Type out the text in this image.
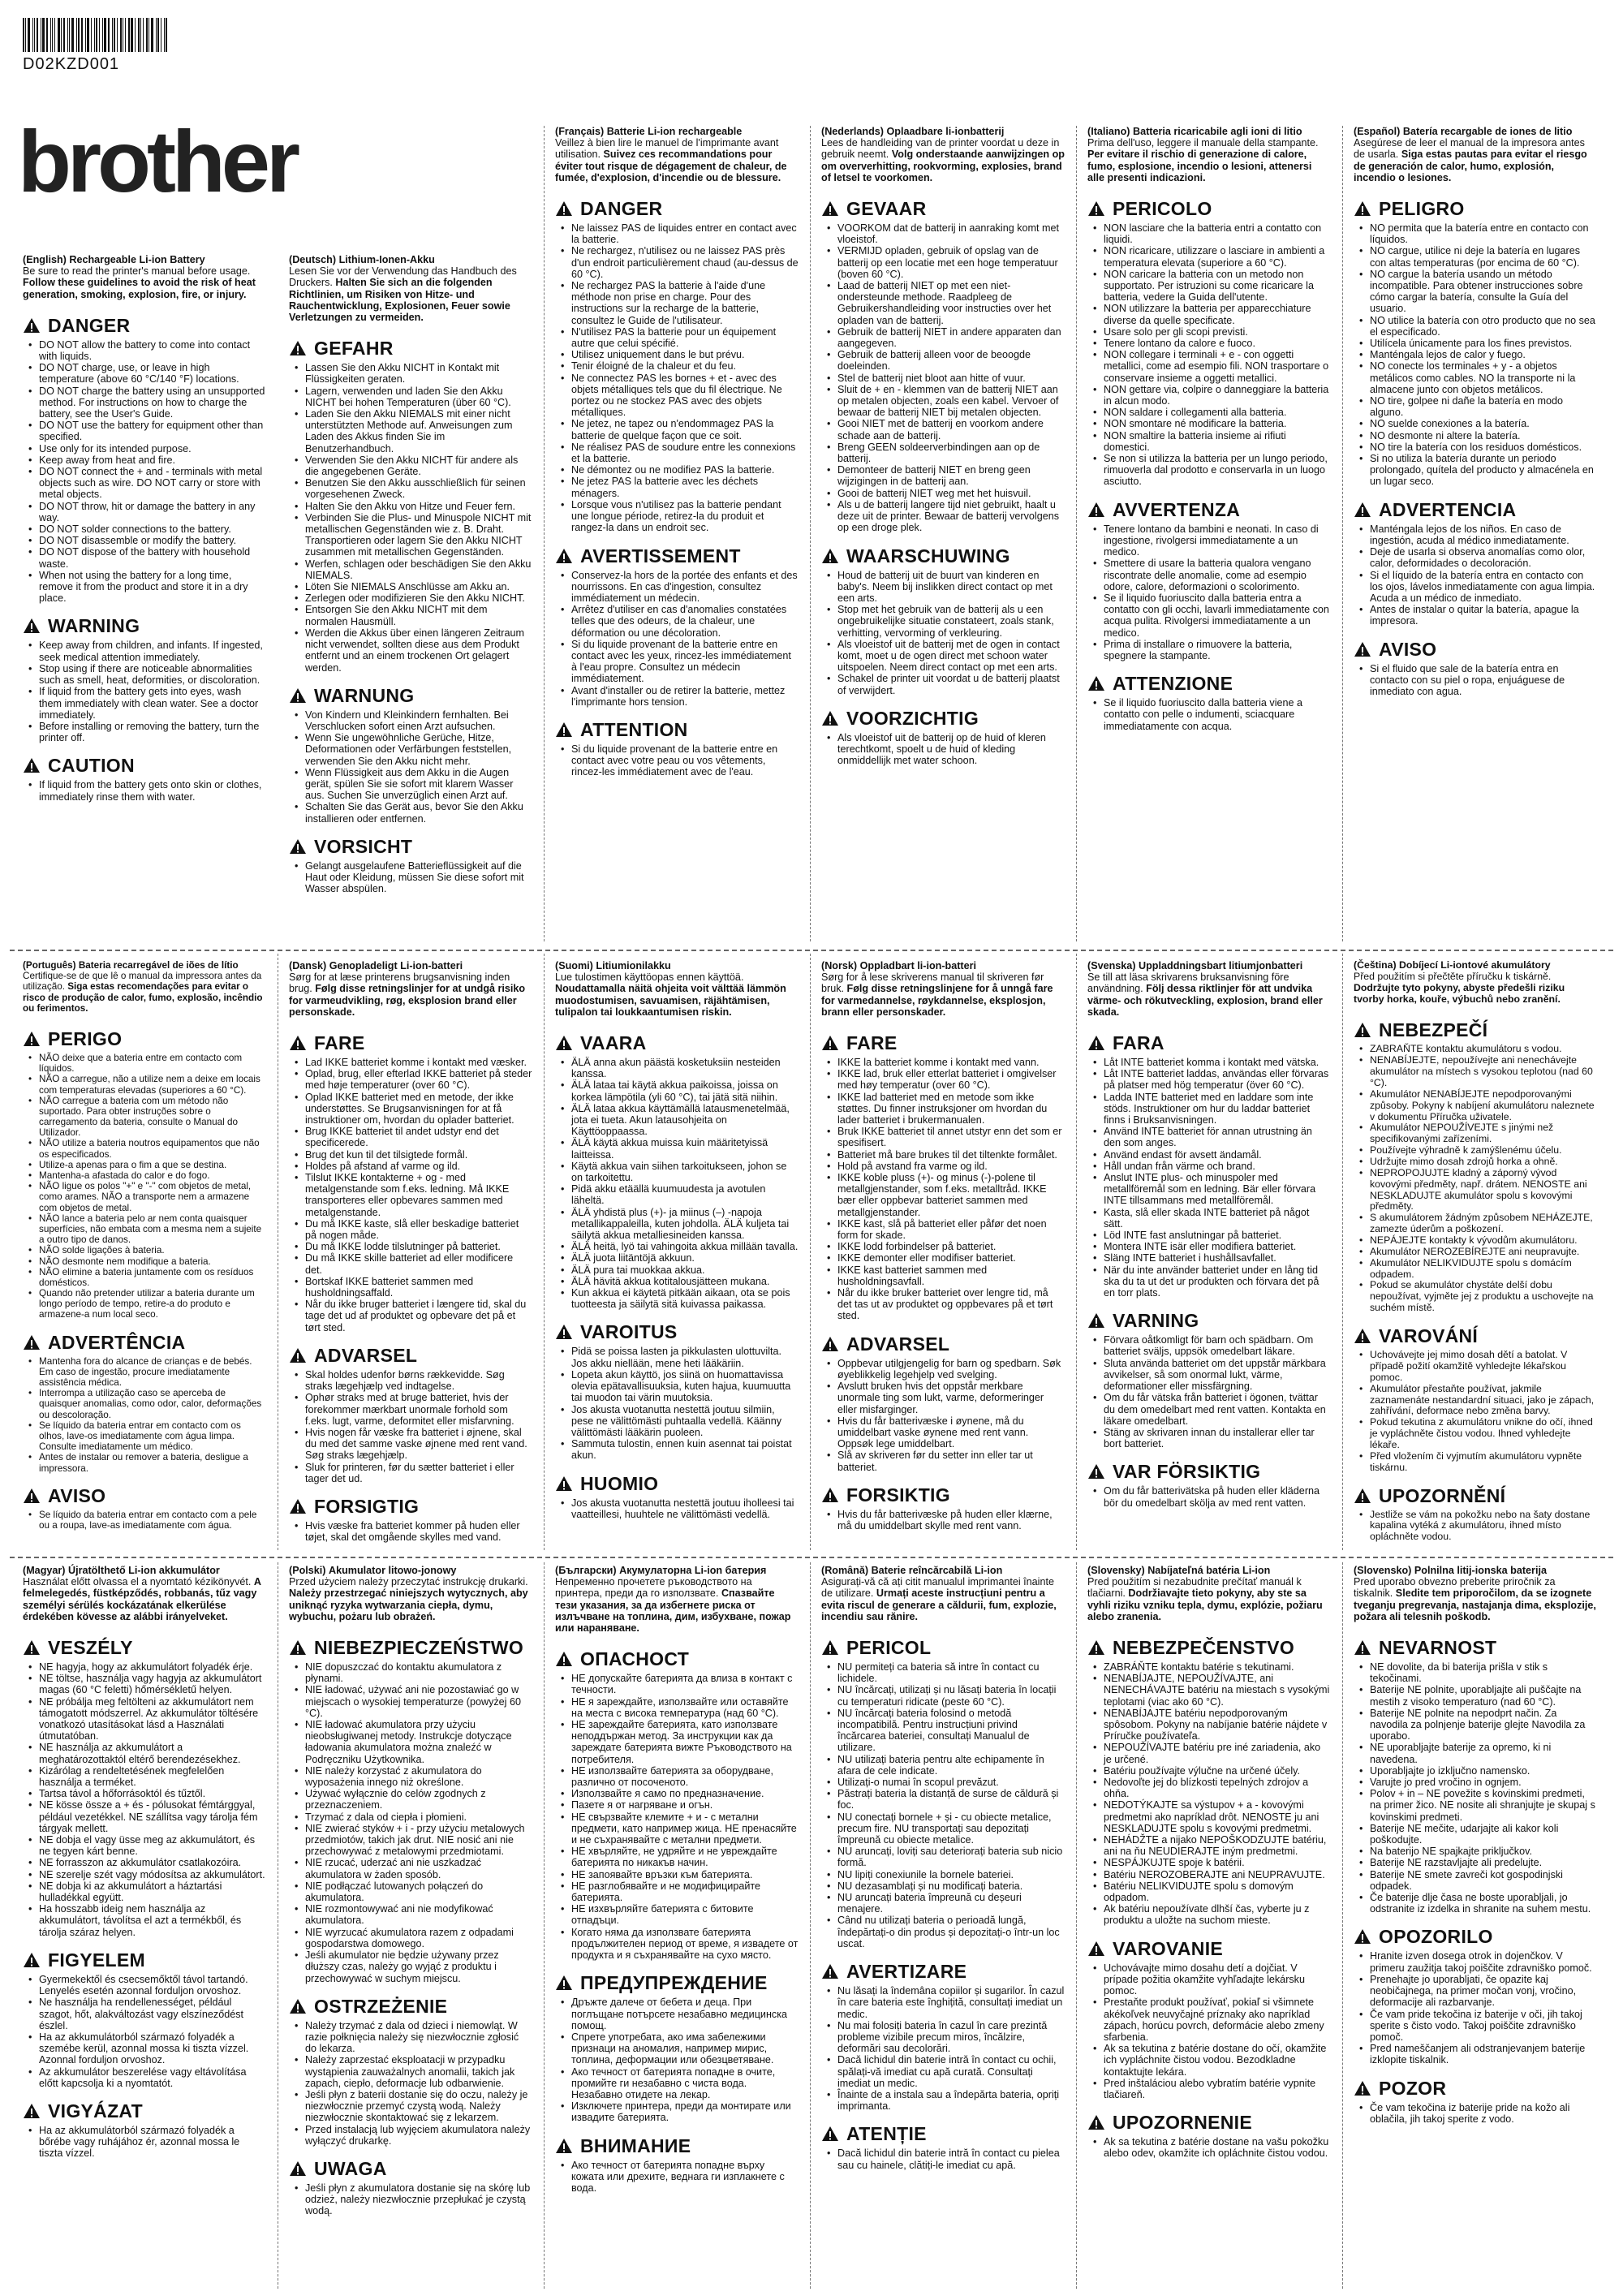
D02KZD001
brother

(English) Rechargeable Li-ion Battery
Be sure to read the printer's manual before usage. Follow these guidelines to avoid the risk of heat generation, smoking, explosion, fire, or injury.

DANGER
• DO NOT allow the battery to come into contact with liquids.
• DO NOT charge, use, or leave in high temperature (above 60 °C/140 °F) locations.
• DO NOT charge the battery using an unsupported method. For instructions on how to charge the battery, see the User's Guide.
• DO NOT use the battery for equipment other than specified.
• Use only for its intended purpose.
• Keep away from heat and fire.
• DO NOT connect the + and - terminals with metal objects such as wire. DO NOT carry or store with metal objects.
• DO NOT throw, hit or damage the battery in any way.
• DO NOT solder connections to the battery.
• DO NOT disassemble or modify the battery.
• DO NOT dispose of the battery with household waste.
• When not using the battery for a long time, remove it from the product and store it in a dry place.
WARNING
• Keep away from children, and infants. If ingested, seek medical attention immediately.
• Stop using if there are noticeable abnormalities such as smell, heat, deformities, or discoloration.
• If liquid from the battery gets into eyes, wash them immediately with clean water. See a doctor immediately.
• Before installing or removing the battery, turn the printer off.
CAUTION
• If liquid from the battery gets onto skin or clothes, immediately rinse them with water.

(Deutsch) Lithium-Ionen-Akku
Lesen Sie vor der Verwendung das Handbuch des Druckers. Halten Sie sich an die folgenden Richtlinien, um Risiken von Hitze- und Rauchentwicklung, Explosionen, Feuer sowie Verletzungen zu vermeiden.

GEFAHR
• Lassen Sie den Akku NICHT in Kontakt mit Flüssigkeiten geraten.
• Lagern, verwenden und laden Sie den Akku NICHT bei hohen Temperaturen (über 60 °C).
• Laden Sie den Akku NIEMALS mit einer nicht unterstützten Methode auf. Anweisungen zum Laden des Akkus finden Sie im Benutzerhandbuch.
• Verwenden Sie den Akku NICHT für andere als die angegebenen Geräte.
• Benutzen Sie den Akku ausschließlich für seinen vorgesehenen Zweck.
• Halten Sie den Akku von Hitze und Feuer fern.
• Verbinden Sie die Plus- und Minuspole NICHT mit metallischen Gegenständen wie z. B. Draht. Transportieren oder lagern Sie den Akku NICHT zusammen mit metallischen Gegenständen.
• Werfen, schlagen oder beschädigen Sie den Akku NIEMALS.
• Löten Sie NIEMALS Anschlüsse am Akku an.
• Zerlegen oder modifizieren Sie den Akku NICHT.
• Entsorgen Sie den Akku NICHT mit dem normalen Hausmüll.
• Werden die Akkus über einen längeren Zeitraum nicht verwendet, sollten diese aus dem Produkt entfernt und an einem trockenen Ort gelagert werden.
WARNUNG
• Von Kindern und Kleinkindern fernhalten. Bei Verschlucken sofort einen Arzt aufsuchen.
• Wenn Sie ungewöhnliche Gerüche, Hitze, Deformationen oder Verfärbungen feststellen, verwenden Sie den Akku nicht mehr.
• Wenn Flüssigkeit aus dem Akku in die Augen gerät, spülen Sie sie sofort mit klarem Wasser aus. Suchen Sie unverzüglich einen Arzt auf.
• Schalten Sie das Gerät aus, bevor Sie den Akku installieren oder entfernen.
VORSICHT
• Gelangt ausgelaufene Batterieflüssigkeit auf die Haut oder Kleidung, müssen Sie diese sofort mit Wasser abspülen.

(Français) Batterie Li-ion rechargeable
Veillez à bien lire le manuel de l'imprimante avant utilisation. Suivez ces recommandations pour éviter tout risque de dégagement de chaleur, de fumée, d'explosion, d'incendie ou de blessure.

DANGER
• Ne laissez PAS de liquides entrer en contact avec la batterie.
• Ne rechargez, n'utilisez ou ne laissez PAS près d'un endroit particulièrement chaud (au-dessus de 60 °C).
• Ne rechargez PAS la batterie à l'aide d'une méthode non prise en charge. Pour des instructions sur la recharge de la batterie, consultez le Guide de l'utilisateur.
• N'utilisez PAS la batterie pour un équipement autre que celui spécifié.
• Utilisez uniquement dans le but prévu.
• Tenir éloigné de la chaleur et du feu.
• Ne connectez PAS les bornes + et - avec des objets métalliques tels que du fil électrique. Ne portez ou ne stockez PAS avec des objets métalliques.
• Ne jetez, ne tapez ou n'endommagez PAS la batterie de quelque façon que ce soit.
• Ne réalisez PAS de soudure entre les connexions et la batterie.
• Ne démontez ou ne modifiez PAS la batterie.
• Ne jetez PAS la batterie avec les déchets ménagers.
• Lorsque vous n'utilisez pas la batterie pendant une longue période, retirez-la du produit et rangez-la dans un endroit sec.
AVERTISSEMENT
• Conservez-la hors de la portée des enfants et des nourrissons. En cas d'ingestion, consultez immédiatement un médecin.
• Arrêtez d'utiliser en cas d'anomalies constatées telles que des odeurs, de la chaleur, une déformation ou une décoloration.
• Si du liquide provenant de la batterie entre en contact avec les yeux, rincez-les immédiatement à l'eau propre. Consultez un médecin immédiatement.
• Avant d'installer ou de retirer la batterie, mettez l'imprimante hors tension.
ATTENTION
• Si du liquide provenant de la batterie entre en contact avec votre peau ou vos vêtements, rincez-les immédiatement avec de l'eau.

(Nederlands) Oplaadbare li-ionbatterij
Lees de handleiding van de printer voordat u deze in gebruik neemt. Volg onderstaande aanwijzingen op om oververhitting, rookvorming, explosies, brand of letsel te voorkomen.

GEVAAR
• VOORKOM dat de batterij in aanraking komt met vloeistof.
• VERMIJD opladen, gebruik of opslag van de batterij op een locatie met een hoge temperatuur (boven 60 °C).
• Laad de batterij NIET op met een niet-ondersteunde methode. Raadpleeg de Gebruikershandleiding voor instructies over het opladen van de batterij.
• Gebruik de batterij NIET in andere apparaten dan aangegeven.
• Gebruik de batterij alleen voor de beoogde doeleinden.
• Stel de batterij niet bloot aan hitte of vuur.
• Sluit de + en - klemmen van de batterij NIET aan op metalen objecten, zoals een kabel. Vervoer of bewaar de batterij NIET bij metalen objecten.
• Gooi NIET met de batterij en voorkom andere schade aan de batterij.
• Breng GEEN soldeerverbindingen aan op de batterij.
• Demonteer de batterij NIET en breng geen wijzigingen in de batterij aan.
• Gooi de batterij NIET weg met het huisvuil.
• Als u de batterij langere tijd niet gebruikt, haalt u deze uit de printer. Bewaar de batterij vervolgens op een droge plek.
WAARSCHUWING
• Houd de batterij uit de buurt van kinderen en baby's. Neem bij inslikken direct contact op met een arts.
• Stop met het gebruik van de batterij als u een ongebruikelijke situatie constateert, zoals stank, verhitting, vervorming of verkleuring.
• Als vloeistof uit de batterij met de ogen in contact komt, moet u de ogen direct met schoon water uitspoelen. Neem direct contact op met een arts.
• Schakel de printer uit voordat u de batterij plaatst of verwijdert.
VOORZICHTIG
• Als vloeistof uit de batterij op de huid of kleren terechtkomt, spoelt u de huid of kleding onmiddellijk met water schoon.

(Italiano) Batteria ricaricabile agli ioni di litio
Prima dell'uso, leggere il manuale della stampante. Per evitare il rischio di generazione di calore, fumo, esplosione, incendio o lesioni, attenersi alle presenti indicazioni.

PERICOLO
• NON lasciare che la batteria entri a contatto con liquidi.
• NON ricaricare, utilizzare o lasciare in ambienti a temperatura elevata (superiore a 60 °C).
• NON caricare la batteria con un metodo non supportato. Per istruzioni su come ricaricare la batteria, vedere la Guida dell'utente.
• NON utilizzare la batteria per apparecchiature diverse da quelle specificate.
• Usare solo per gli scopi previsti.
• Tenere lontano da calore e fuoco.
• NON collegare i terminali + e - con oggetti metallici, come ad esempio fili. NON trasportare o conservare insieme a oggetti metallici.
• NON gettare via, colpire o danneggiare la batteria in alcun modo.
• NON saldare i collegamenti alla batteria.
• NON smontare né modificare la batteria.
• NON smaltire la batteria insieme ai rifiuti domestici.
• Se non si utilizza la batteria per un lungo periodo, rimuoverla dal prodotto e conservarla in un luogo asciutto.
AVVERTENZA
• Tenere lontano da bambini e neonati. In caso di ingestione, rivolgersi immediatamente a un medico.
• Smettere di usare la batteria qualora vengano riscontrate delle anomalie, come ad esempio odore, calore, deformazioni o scolorimento.
• Se il liquido fuoriuscito dalla batteria entra a contatto con gli occhi, lavarli immediatamente con acqua pulita. Rivolgersi immediatamente a un medico.
• Prima di installare o rimuovere la batteria, spegnere la stampante.
ATTENZIONE
• Se il liquido fuoriuscito dalla batteria viene a contatto con pelle o indumenti, sciacquare immediatamente con acqua.

(Español) Batería recargable de iones de litio
Asegúrese de leer el manual de la impresora antes de usarla. Siga estas pautas para evitar el riesgo de generación de calor, humo, explosión, incendio o lesiones.

PELIGRO
• NO permita que la batería entre en contacto con líquidos.
• NO cargue, utilice ni deje la batería en lugares con altas temperaturas (por encima de 60 °C).
• NO cargue la batería usando un método incompatible. Para obtener instrucciones sobre cómo cargar la batería, consulte la Guía del usuario.
• NO utilice la batería con otro producto que no sea el especificado.
• Utilícela únicamente para los fines previstos.
• Manténgala lejos de calor y fuego.
• NO conecte los terminales + y - a objetos metálicos como cables. NO la transporte ni la almacene junto con objetos metálicos.
• NO tire, golpee ni dañe la batería en modo alguno.
• NO suelde conexiones a la batería.
• NO desmonte ni altere la batería.
• NO tire la batería con los residuos domésticos.
• Si no utiliza la batería durante un periodo prolongado, quítela del producto y almacénela en un lugar seco.
ADVERTENCIA
• Manténgala lejos de los niños. En caso de ingestión, acuda al médico inmediatamente.
• Deje de usarla si observa anomalías como olor, calor, deformidades o decoloración.
• Si el líquido de la batería entra en contacto con los ojos, lávelos inmediatamente con agua limpia. Acuda a un médico de inmediato.
• Antes de instalar o quitar la batería, apague la impresora.
AVISO
• Si el fluido que sale de la batería entra en contacto con su piel o ropa, enjuáguese de inmediato con agua.

(Português) Bateria recarregável de iões de lítio
Certifique-se de que lê o manual da impressora antes da utilização. Siga estas recomendações para evitar o risco de produção de calor, fumo, explosão, incêndio ou ferimentos.

PERIGO
• NÃO deixe que a bateria entre em contacto com líquidos.
• NÃO a carregue, não a utilize nem a deixe em locais com temperaturas elevadas (superiores a 60 °C).
• NÃO carregue a bateria com um método não suportado. Para obter instruções sobre o carregamento da bateria, consulte o Manual do Utilizador.
• NÃO utilize a bateria noutros equipamentos que não os especificados.
• Utilize-a apenas para o fim a que se destina.
• Mantenha-a afastada do calor e do fogo.
• NÃO ligue os polos "+" e "-" com objetos de metal, como arames. NÃO a transporte nem a armazene com objetos de metal.
• NÃO lance a bateria pelo ar nem conta quaisquer superfícies, não embata com a mesma nem a sujeite a outro tipo de danos.
• NÃO solde ligações à bateria.
• NÃO desmonte nem modifique a bateria.
• NÃO elimine a bateria juntamente com os resíduos domésticos.
• Quando não pretender utilizar a bateria durante um longo período de tempo, retire-a do produto e armazene-a num local seco.
ADVERTÊNCIA
• Mantenha fora do alcance de crianças e de bebés. Em caso de ingestão, procure imediatamente assistência médica.
• Interrompa a utilização caso se aperceba de quaisquer anomalias, como odor, calor, deformações ou descoloração.
• Se líquido da bateria entrar em contacto com os olhos, lave-os imediatamente com água limpa. Consulte imediatamente um médico.
• Antes de instalar ou remover a bateria, desligue a impressora.
AVISO
• Se líquido da bateria entrar em contacto com a pele ou a roupa, lave-as imediatamente com água.

(Dansk) Genopladeligt Li-ion-batteri
Sørg for at læse printerens brugsanvisning inden brug. Følg disse retningslinjer for at undgå risiko for varmeudvikling, røg, eksplosion brand eller personskade.

FARE
• Lad IKKE batteriet komme i kontakt med væsker.
• Oplad, brug, eller efterlad IKKE batteriet på steder med høje temperaturer (over 60 °C).
• Oplad IKKE batteriet med en metode, der ikke understøttes. Se Brugsanvisningen for at få instruktioner om, hvordan du oplader batteriet.
• Brug IKKE batteriet til andet udstyr end det specificerede.
• Brug det kun til det tilsigtede formål.
• Holdes på afstand af varme og ild.
• Tilslut IKKE kontakterne + og - med metalgenstande som f.eks. ledning. Må IKKE transporteres eller opbevares sammen med metalgenstande.
• Du må IKKE kaste, slå eller beskadige batteriet på nogen måde.
• Du må IKKE lodde tilslutninger på batteriet.
• Du må IKKE skille batteriet ad eller modificere det.
• Bortskaf IKKE batteriet sammen med husholdningsaffald.
• Når du ikke bruger batteriet i længere tid, skal du tage det ud af produktet og opbevare det på et tørt sted.
ADVARSEL
• Skal holdes udenfor børns rækkevidde. Søg straks lægehjælp ved indtagelse.
• Ophør straks med at bruge batteriet, hvis der forekommer mærkbart unormale forhold som f.eks. lugt, varme, deformitet eller misfarvning.
• Hvis nogen får væske fra batteriet i øjnene, skal du med det samme vaske øjnene med rent vand. Søg straks lægehjælp.
• Sluk for printeren, før du sætter batteriet i eller tager det ud.
FORSIGTIG
• Hvis væske fra batteriet kommer på huden eller tøjet, skal det omgående skylles med vand.

(Suomi) Litiumionilakku
Lue tulostimen käyttöopas ennen käyttöä. Noudattamalla näitä ohjeita voit välttää lämmön muodostumisen, savuamisen, räjähtämisen, tulipalon tai loukkaantumisen riskin.

VAARA
• ÄLÄ anna akun päästä kosketuksiin nesteiden kanssa.
• ÄLÄ lataa tai käytä akkua paikoissa, joissa on korkea lämpötila (yli 60 °C), tai jätä sitä niihin.
• ÄLÄ lataa akkua käyttämällä latausmenetelmää, jota ei tueta. Akun latausohjeita on Käyttöoppaassa.
• ÄLÄ käytä akkua muissa kuin määritetyissä laitteissa.
• Käytä akkua vain siihen tarkoitukseen, johon se on tarkoitettu.
• Pidä akku etäällä kuumuudesta ja avotulen läheltä.
• ÄLÄ yhdistä plus (+)- ja miinus (–) -napoja metallikappaleilla, kuten johdolla. ÄLÄ kuljeta tai säilytä akkua metalliesineiden kanssa.
• ÄLÄ heitä, lyö tai vahingoita akkua millään tavalla.
• ÄLÄ juota liitäntöjä akkuun.
• ÄLÄ pura tai muokkaa akkua.
• ÄLÄ hävitä akkua kotitalousjätteen mukana.
• Kun akkua ei käytetä pitkään aikaan, ota se pois tuotteesta ja säilytä sitä kuivassa paikassa.
VAROITUS
• Pidä se poissa lasten ja pikkulasten ulottuvilta. Jos akku niellään, mene heti lääkäriin.
• Lopeta akun käyttö, jos siinä on huomattavissa olevia epätavallisuuksia, kuten hajua, kuumuutta tai muodon tai värin muutoksia.
• Jos akusta vuotanutta nestettä joutuu silmiin, pese ne välittömästi puhtaalla vedellä. Käänny välittömästi lääkärin puoleen.
• Sammuta tulostin, ennen kuin asennat tai poistat akun.
HUOMIO
• Jos akusta vuotanutta nestettä joutuu iholleesi tai vaatteillesi, huuhtele ne välittömästi vedellä.

(Norsk) Oppladbart li-ion-batteri
Sørg for å lese skriverens manual til skriveren før bruk. Følg disse retningslinjene for å unngå fare for varmedannelse, røykdannelse, eksplosjon, brann eller personskader.

FARE
• IKKE la batteriet komme i kontakt med vann.
• IKKE lad, bruk eller etterlat batteriet i omgivelser med høy temperatur (over 60 °C).
• IKKE lad batteriet med en metode som ikke støttes. Du finner instruksjoner om hvordan du lader batteriet i brukermanualen.
• Bruk IKKE batteriet til annet utstyr enn det som er spesifisert.
• Batteriet må bare brukes til det tiltenkte formålet.
• Hold på avstand fra varme og ild.
• IKKE koble pluss (+)- og minus (-)-polene til metallgjenstander, som f.eks. metalltråd. IKKE bær eller oppbevar batteriet sammen med metallgjenstander.
• IKKE kast, slå på batteriet eller påfør det noen form for skade.
• IKKE lodd forbindelser på batteriet.
• IKKE demonter eller modifiser batteriet.
• IKKE kast batteriet sammen med husholdningsavfall.
• Når du ikke bruker batteriet over lengre tid, må det tas ut av produktet og oppbevares på et tørt sted.
ADVARSEL
• Oppbevar utilgjengelig for barn og spedbarn. Søk øyeblikkelig legehjelp ved svelging.
• Avslutt bruken hvis det oppstår merkbare unormale ting som lukt, varme, deformeringer eller misfarginger.
• Hvis du får batterivæske i øynene, må du umiddelbart vaske øynene med rent vann. Oppsøk lege umiddelbart.
• Slå av skriveren før du setter inn eller tar ut batteriet.
FORSIKTIG
• Hvis du får batterivæske på huden eller klærne, må du umiddelbart skylle med rent vann.

(Svenska) Uppladdningsbart litiumjonbatteri
Se till att läsa skrivarens bruksanvisning före användning. Följ dessa riktlinjer för att undvika värme- och rökutveckling, explosion, brand eller skada.

FARA
• Låt INTE batteriet komma i kontakt med vätska.
• Låt INTE batteriet laddas, användas eller förvaras på platser med hög temperatur (över 60 °C).
• Ladda INTE batteriet med en laddare som inte stöds. Instruktioner om hur du laddar batteriet finns i Bruksanvisningen.
• Använd INTE batteriet för annan utrustning än den som anges.
• Använd endast för avsett ändamål.
• Håll undan från värme och brand.
• Anslut INTE plus- och minuspoler med metallföremål som en ledning. Bär eller förvara INTE tillsammans med metallföremål.
• Kasta, slå eller skada INTE batteriet på något sätt.
• Löd INTE fast anslutningar på batteriet.
• Montera INTE isär eller modifiera batteriet.
• Släng INTE batteriet i hushållsavfallet.
• När du inte använder batteriet under en lång tid ska du ta ut det ur produkten och förvara det på en torr plats.
VARNING
• Förvara oåtkomligt för barn och spädbarn. Om batteriet sväljs, uppsök omedelbart läkare.
• Sluta använda batteriet om det uppstår märkbara avvikelser, så som onormal lukt, värme, deformationer eller missfärgning.
• Om du får vätska från batteriet i ögonen, tvättar du dem omedelbart med rent vatten. Kontakta en läkare omedelbart.
• Stäng av skrivaren innan du installerar eller tar bort batteriet.
VAR FÖRSIKTIG
• Om du får batterivätska på huden eller kläderna bör du omedelbart skölja av med rent vatten.

(Čeština) Dobíjecí Li-iontové akumulátory
Před použitím si přečtěte příručku k tiskárně. Dodržujte tyto pokyny, abyste předešli riziku tvorby horka, kouře, výbuchů nebo zranění.

NEBEZPEČÍ
• ZABRAŇTE kontaktu akumulátoru s vodou.
• NENABÍJEJTE, nepoužívejte ani nenechávejte akumulátor na místech s vysokou teplotou (nad 60 °C).
• Akumulátor NENABÍJEJTE nepodporovanými způsoby. Pokyny k nabíjení akumulátoru naleznete v dokumentu Příručka uživatele.
• Akumulátor NEPOUŽÍVEJTE s jinými než specifikovanými zařízeními.
• Používejte výhradně k zamýšlenému účelu.
• Udržujte mimo dosah zdrojů horka a ohně.
• NEPROPOJUJTE kladný a záporný vývod kovovými předměty, např. drátem. NENOSTE ani NESKLADUJTE akumulátor spolu s kovovými předměty.
• S akumulátorem žádným způsobem NEHÁZEJTE, zamezte úderům a poškození.
• NEPÁJEJTE kontakty k vývodům akumulátoru.
• Akumulátor NEROZEBÍREJTE ani neupravujte.
• Akumulátor NELIKVIDUJTE spolu s domácím odpadem.
• Pokud se akumulátor chystáte delší dobu nepoužívat, vyjměte jej z produktu a uschovejte na suchém místě.
VAROVÁNÍ
• Uchovávejte jej mimo dosah dětí a batolat. V případě požití okamžitě vyhledejte lékařskou pomoc.
• Akumulátor přestaňte používat, jakmile zaznamenáte nestandardní situaci, jako je zápach, zahřívání, deformace nebo změna barvy.
• Pokud tekutina z akumulátoru vnikne do očí, ihned je vypláchněte čistou vodou. Ihned vyhledejte lékaře.
• Před vložením či vyjmutím akumulátoru vypněte tiskárnu.
UPOZORNĚNÍ
• Jestliže se vám na pokožku nebo na šaty dostane kapalina vytéká z akumulátoru, ihned místo opláchněte vodou.

(Magyar) Újratölthető Li-ion akkumulátor
Használat előtt olvassa el a nyomtató kézikönyvét. A felmelegedés, füstképződés, robbanás, tűz vagy személyi sérülés kockázatának elkerülése érdekében kövesse az alábbi irányelveket.

VESZÉLY
• NE hagyja, hogy az akkumulátort folyadék érje.
• NE töltse, használja vagy hagyja az akkumulátort magas (60 °C feletti) hőmérsékletű helyen.
• NE próbálja meg feltölteni az akkumulátort nem támogatott módszerrel. Az akkumulátor töltésére vonatkozó utasításokat lásd a Használati útmutatóban.
• NE használja az akkumulátort a meghatározottaktól eltérő berendezésekhez.
• Kizárólag a rendeltetésének megfelelően használja a terméket.
• Tartsa távol a hőforrásoktól és tűztől.
• NE kösse össze a + és - pólusokat fémtárggyal, például vezetékkel. NE szállítsa vagy tárolja fém tárgyak mellett.
• NE dobja el vagy üsse meg az akkumulátort, és ne tegyen kárt benne.
• NE forrasszon az akkumulátor csatlakozóira.
• NE szerelje szét vagy módosítsa az akkumulátort.
• NE dobja ki az akkumulátort a háztartási hulladékkal együtt.
• Ha hosszabb ideig nem használja az akkumulátort, távolítsa el azt a termékből, és tárolja száraz helyen.
FIGYELEM
• Gyermekektől és csecsemőktől távol tartandó. Lenyelés esetén azonnal forduljon orvoshoz.
• Ne használja ha rendellenességet, például szagot, hőt, alakváltozást vagy elszíneződést észlel.
• Ha az akkumulátorból származó folyadék a szemébe kerül, azonnal mossa ki tiszta vízzel. Azonnal forduljon orvoshoz.
• Az akkumulátor beszerelése vagy eltávolítása előtt kapcsolja ki a nyomtatót.
VIGYÁZAT
• Ha az akkumulátorból származó folyadék a bőrébe vagy ruhájához ér, azonnal mossa le tiszta vízzel.

(Polski) Akumulator litowo-jonowy
Przed użyciem należy przeczytać instrukcję drukarki. Należy przestrzegać niniejszych wytycznych, aby uniknąć ryzyka wytwarzania ciepła, dymu, wybuchu, pożaru lub obrażeń.

NIEBEZPIECZEŃSTWO
• NIE dopuszczać do kontaktu akumulatora z płynami.
• NIE ładować, używać ani nie pozostawiać go w miejscach o wysokiej temperaturze (powyżej 60 °C).
• NIE ładować akumulatora przy użyciu nieobsługiwanej metody. Instrukcje dotyczące ładowania akumulatora można znaleźć w Podręczniku Użytkownika.
• NIE należy korzystać z akumulatora do wyposażenia innego niż określone.
• Używać wyłącznie do celów zgodnych z przeznaczeniem.
• Trzymać z dala od ciepła i płomieni.
• NIE zwierać styków + i - przy użyciu metalowych przedmiotów, takich jak drut. NIE nosić ani nie przechowywać z metalowymi przedmiotami.
• NIE rzucać, uderzać ani nie uszkadzać akumulatora w żaden sposób.
• NIE podłączać lutowanych połączeń do akumulatora.
• NIE rozmontowywać ani nie modyfikować akumulatora.
• NIE wyrzucać akumulatora razem z odpadami gospodarstwa domowego.
• Jeśli akumulator nie będzie używany przez dłuższy czas, należy go wyjąć z produktu i przechowywać w suchym miejscu.
OSTRZEŻENIE
• Należy trzymać z dala od dzieci i niemowląt. W razie połknięcia należy się niezwłocznie zgłosić do lekarza.
• Należy zaprzestać eksploatacji w przypadku wystąpienia zauważalnych anomalii, takich jak zapach, ciepło, deformacje lub odbarwienie.
• Jeśli płyn z baterii dostanie się do oczu, należy je niezwłocznie przemyć czystą wodą. Należy niezwłocznie skontaktować się z lekarzem.
• Przed instalacją lub wyjęciem akumulatora należy wyłączyć drukarkę.
UWAGA
• Jeśli płyn z akumulatora dostanie się na skórę lub odzież, należy niezwłocznie przepłukać je czystą wodą.

(Български) Акумулаторна Li-ion батерия
Непременно прочетете ръководството на принтера, преди да го използвате. Спазвайте тези указания, за да избегнете риска от излъчване на топлина, дим, избухване, пожар или нараняване.

ОПАСНОСТ
• НЕ допускайте батерията да влиза в контакт с течности.
• НЕ я зареждайте, използвайте или оставяйте на места с висока температура (над 60 °C).
• НЕ зареждайте батерията, като използвате неподдържан метод. За инструкции как да зареждате батерията вижте Ръководството на потребителя.
• НЕ използвайте батерията за оборудване, различно от посоченото.
• Използвайте я само по предназначение.
• Пазете я от нагряване и огън.
• НЕ свързвайте клемите + и - с метални предмети, като например жица. НЕ пренасяйте и не съхранявайте с метални предмети.
• НЕ хвърляйте, не удряйте и не увреждайте батерията по никакъв начин.
• НЕ запоявайте връзки към батерията.
• НЕ разглобявайте и не модифицирайте батерията.
• НЕ изхвърляйте батерията с битовите отпадъци.
• Когато няма да използвате батерията продължителен период от време, я извадете от продукта и я съхранявайте на сухо място.
ПРЕДУПРЕЖДЕНИЕ
• Дръжте далече от бебета и деца. При поглъщане потърсете незабавно медицинска помощ.
• Спрете употребата, ако има забележими признаци на аномалия, например мирис, топлина, деформации или обезцветяване.
• Ако течност от батерията попадне в очите, промийте ги незабавно с чиста вода. Незабавно отидете на лекар.
• Изключете принтера, преди да монтирате или извадите батерията.
ВНИМАНИЕ
• Ако течност от батерията попадне върху кожата или дрехите, веднага ги изплакнете с вода.

(Română) Baterie reîncărcabilă Li-ion
Asigurați-vă că ați citit manualul imprimantei înainte de utilizare. Urmați aceste instrucțiuni pentru a evita riscul de generare a căldurii, fum, explozie, incendiu sau rănire.

PERICOL
• NU permiteți ca bateria să intre în contact cu lichidele.
• NU încărcați, utilizați și nu lăsați bateria în locații cu temperaturi ridicate (peste 60 °C).
• NU încărcați bateria folosind o metodă incompatibilă. Pentru instrucțiuni privind încărcarea bateriei, consultați Manualul de utilizare.
• NU utilizați bateria pentru alte echipamente în afara de cele indicate.
• Utilizați-o numai în scopul prevăzut.
• Păstrați bateria la distanță de surse de căldură și foc.
• NU conectați bornele + și - cu obiecte metalice, precum fire. NU transportați sau depozitați împreună cu obiecte metalice.
• NU aruncați, loviți sau deteriorați bateria sub nicio formă.
• NU lipiți conexiunile la bornele bateriei.
• NU dezasamblați și nu modificați bateria.
• NU aruncați bateria împreună cu deșeuri menajere.
• Când nu utilizați bateria o perioadă lungă, îndepărtați-o din produs și depozitați-o într-un loc uscat.
AVERTIZARE
• Nu lăsați la îndemâna copiilor și sugarilor. În cazul în care bateria este înghițită, consultați imediat un medic.
• Nu mai folosiți bateria în cazul în care prezintă probleme vizibile precum miros, încălzire, deformări sau decolorări.
• Dacă lichidul din baterie intră în contact cu ochii, spălați-vă imediat cu apă curată. Consultați imediat un medic.
• Înainte de a instala sau a îndepărta bateria, opriți imprimanta.
ATENȚIE
• Dacă lichidul din baterie intră în contact cu pielea sau cu hainele, clătiți-le imediat cu apă.

(Slovensky) Nabíjateľná batéria Li-ion
Pred použitím si nezabudnite prečítať manuál k tlačiarni. Dodržiavajte tieto pokyny, aby ste sa vyhli riziku vzniku tepla, dymu, explózie, požiaru alebo zranenia.

NEBEZPEČENSTVO
• ZABRÁŇTE kontaktu batérie s tekutinami.
• NENABÍJAJTE, NEPOUŽÍVAJTE, ani NENECHÁVAJTE batériu na miestach s vysokými teplotami (viac ako 60 °C).
• NENABÍJAJTE batériu nepodporovaným spôsobom. Pokyny na nabíjanie batérie nájdete v Príručke používateľa.
• NEPOUŽÍVAJTE batériu pre iné zariadenia, ako je určené.
• Batériu používajte výlučne na určené účely.
• Nedovoľte jej do blízkosti tepelných zdrojov a ohňa.
• NEDOTÝKAJTE sa výstupov + a - kovovými predmetmi ako napríklad drôt. NENOSTE ju ani NESKLADUJTE spolu s kovovými predmetmi.
• NEHÁDŽTE a nijako NEPOŠKODZUJTE batériu, ani na ňu NEUDIERAJTE iným predmetmi.
• NESPÁJKUJTE spoje k batérii.
• Batériu NEROZOBERAJTE ani NEUPRAVUJTE.
• Batériu NELIKVIDUJTE spolu s domovým odpadom.
• Ak batériu nepoužívate dlhší čas, vyberte ju z produktu a uložte na suchom mieste.
VAROVANIE
• Uchovávajte mimo dosahu detí a dojčiat. V prípade požitia okamžite vyhľadajte lekársku pomoc.
• Prestaňte produkt používať, pokiaľ si všimnete akékoľvek neuvyčajné príznaky ako napríklad zápach, horúcu povrch, deformácie alebo zmeny sfarbenia.
• Ak sa tekutina z batérie dostane do očí, okamžite ich vypláchnite čistou vodou. Bezodkladne kontaktujte lekára.
• Pred inštaláciou alebo vybratím batérie vypnite tlačiareň.
UPOZORNENIE
• Ak sa tekutina z batérie dostane na vašu pokožku alebo odev, okamžite ich opláchnite čistou vodou.

(Slovensko) Polnilna litij-ionska baterija
Pred uporabo obvezno preberite priročnik za tiskalnik. Sledite tem priporočilom, da se izognete tveganju pregrevanja, nastajanja dima, eksplozije, požara ali telesnih poškodb.

NEVARNOST
• NE dovolite, da bi baterija prišla v stik s tekočinami.
• Baterije NE polnite, uporabljajte ali puščajte na mestih z visoko temperaturo (nad 60 °C).
• Baterije NE polnite na nepodprt način. Za navodila za polnjenje baterije glejte Navodila za uporabo.
• NE uporabljajte baterije za opremo, ki ni navedena.
• Uporabljajte jo izključno namensko.
• Varujte jo pred vročino in ognjem.
• Polov + in – NE povežite s kovinskimi predmeti, na primer žico. NE nosite ali shranjujte je skupaj s kovinskimi predmeti.
• Baterije NE mečite, udarjajte ali kakor koli poškodujte.
• Na baterijo NE spajkajte priključkov.
• Baterije NE razstavljajte ali predelujte.
• Baterije NE smete zavreči kot gospodinjski odpadek.
• Če baterije dlje časa ne boste uporabljali, jo odstranite iz izdelka in shranite na suhem mestu.
OPOZORILO
• Hranite izven dosega otrok in dojenčkov. V primeru zaužitja takoj poiščite zdravniško pomoč.
• Prenehajte jo uporabljati, če opazite kaj neobičajnega, na primer močan vonj, vročino, deformacije ali razbarvanje.
• Če vam pride tekočina iz baterije v oči, jih takoj sperite s čisto vodo. Takoj poiščite zdravniško pomoč.
• Pred nameščanjem ali odstranjevanjem baterije izklopite tiskalnik.
POZOR
• Če vam tekočina iz baterije pride na kožo ali oblačila, jih takoj sperite z vodo.
